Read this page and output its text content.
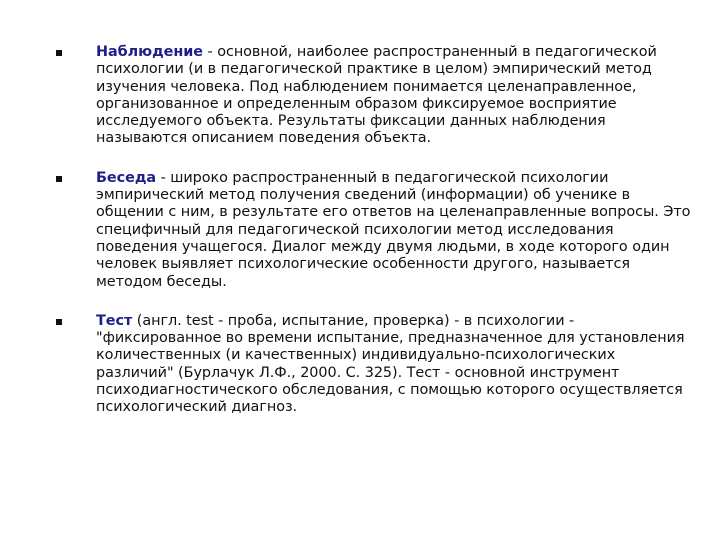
Наблюдение - основной, наиболее распространенный в педагогической психологии (и в педагогической практике в целом) эмпирический метод изучения человека. Под наблюдением понимается целенаправленное, организованное и определенным образом фиксируемое восприятие исследуемого объекта. Результаты фиксации данных наблюдения называются описанием поведения объекта.
Беседа - широко распространенный в педагогической психологии эмпирический метод получения сведений (информации) об ученике в общении с ним, в результате его ответов на целенаправленные вопросы. Это специфичный для педагогической психологии метод исследования поведения учащегося. Диалог между двумя людьми, в ходе которого один человек выявляет психологические особенности другого, называется методом беседы.
Тест (англ. test - проба, испытание, проверка) - в психологии - "фиксированное во времени испытание, предназначенное для установления количественных (и качественных) индивидуально-психологических различий" (Бурлачук Л.Ф., 2000. С. 325). Тест - основной инструмент психодиагностического обследования, с помощью которого осуществляется психологический диагноз.
